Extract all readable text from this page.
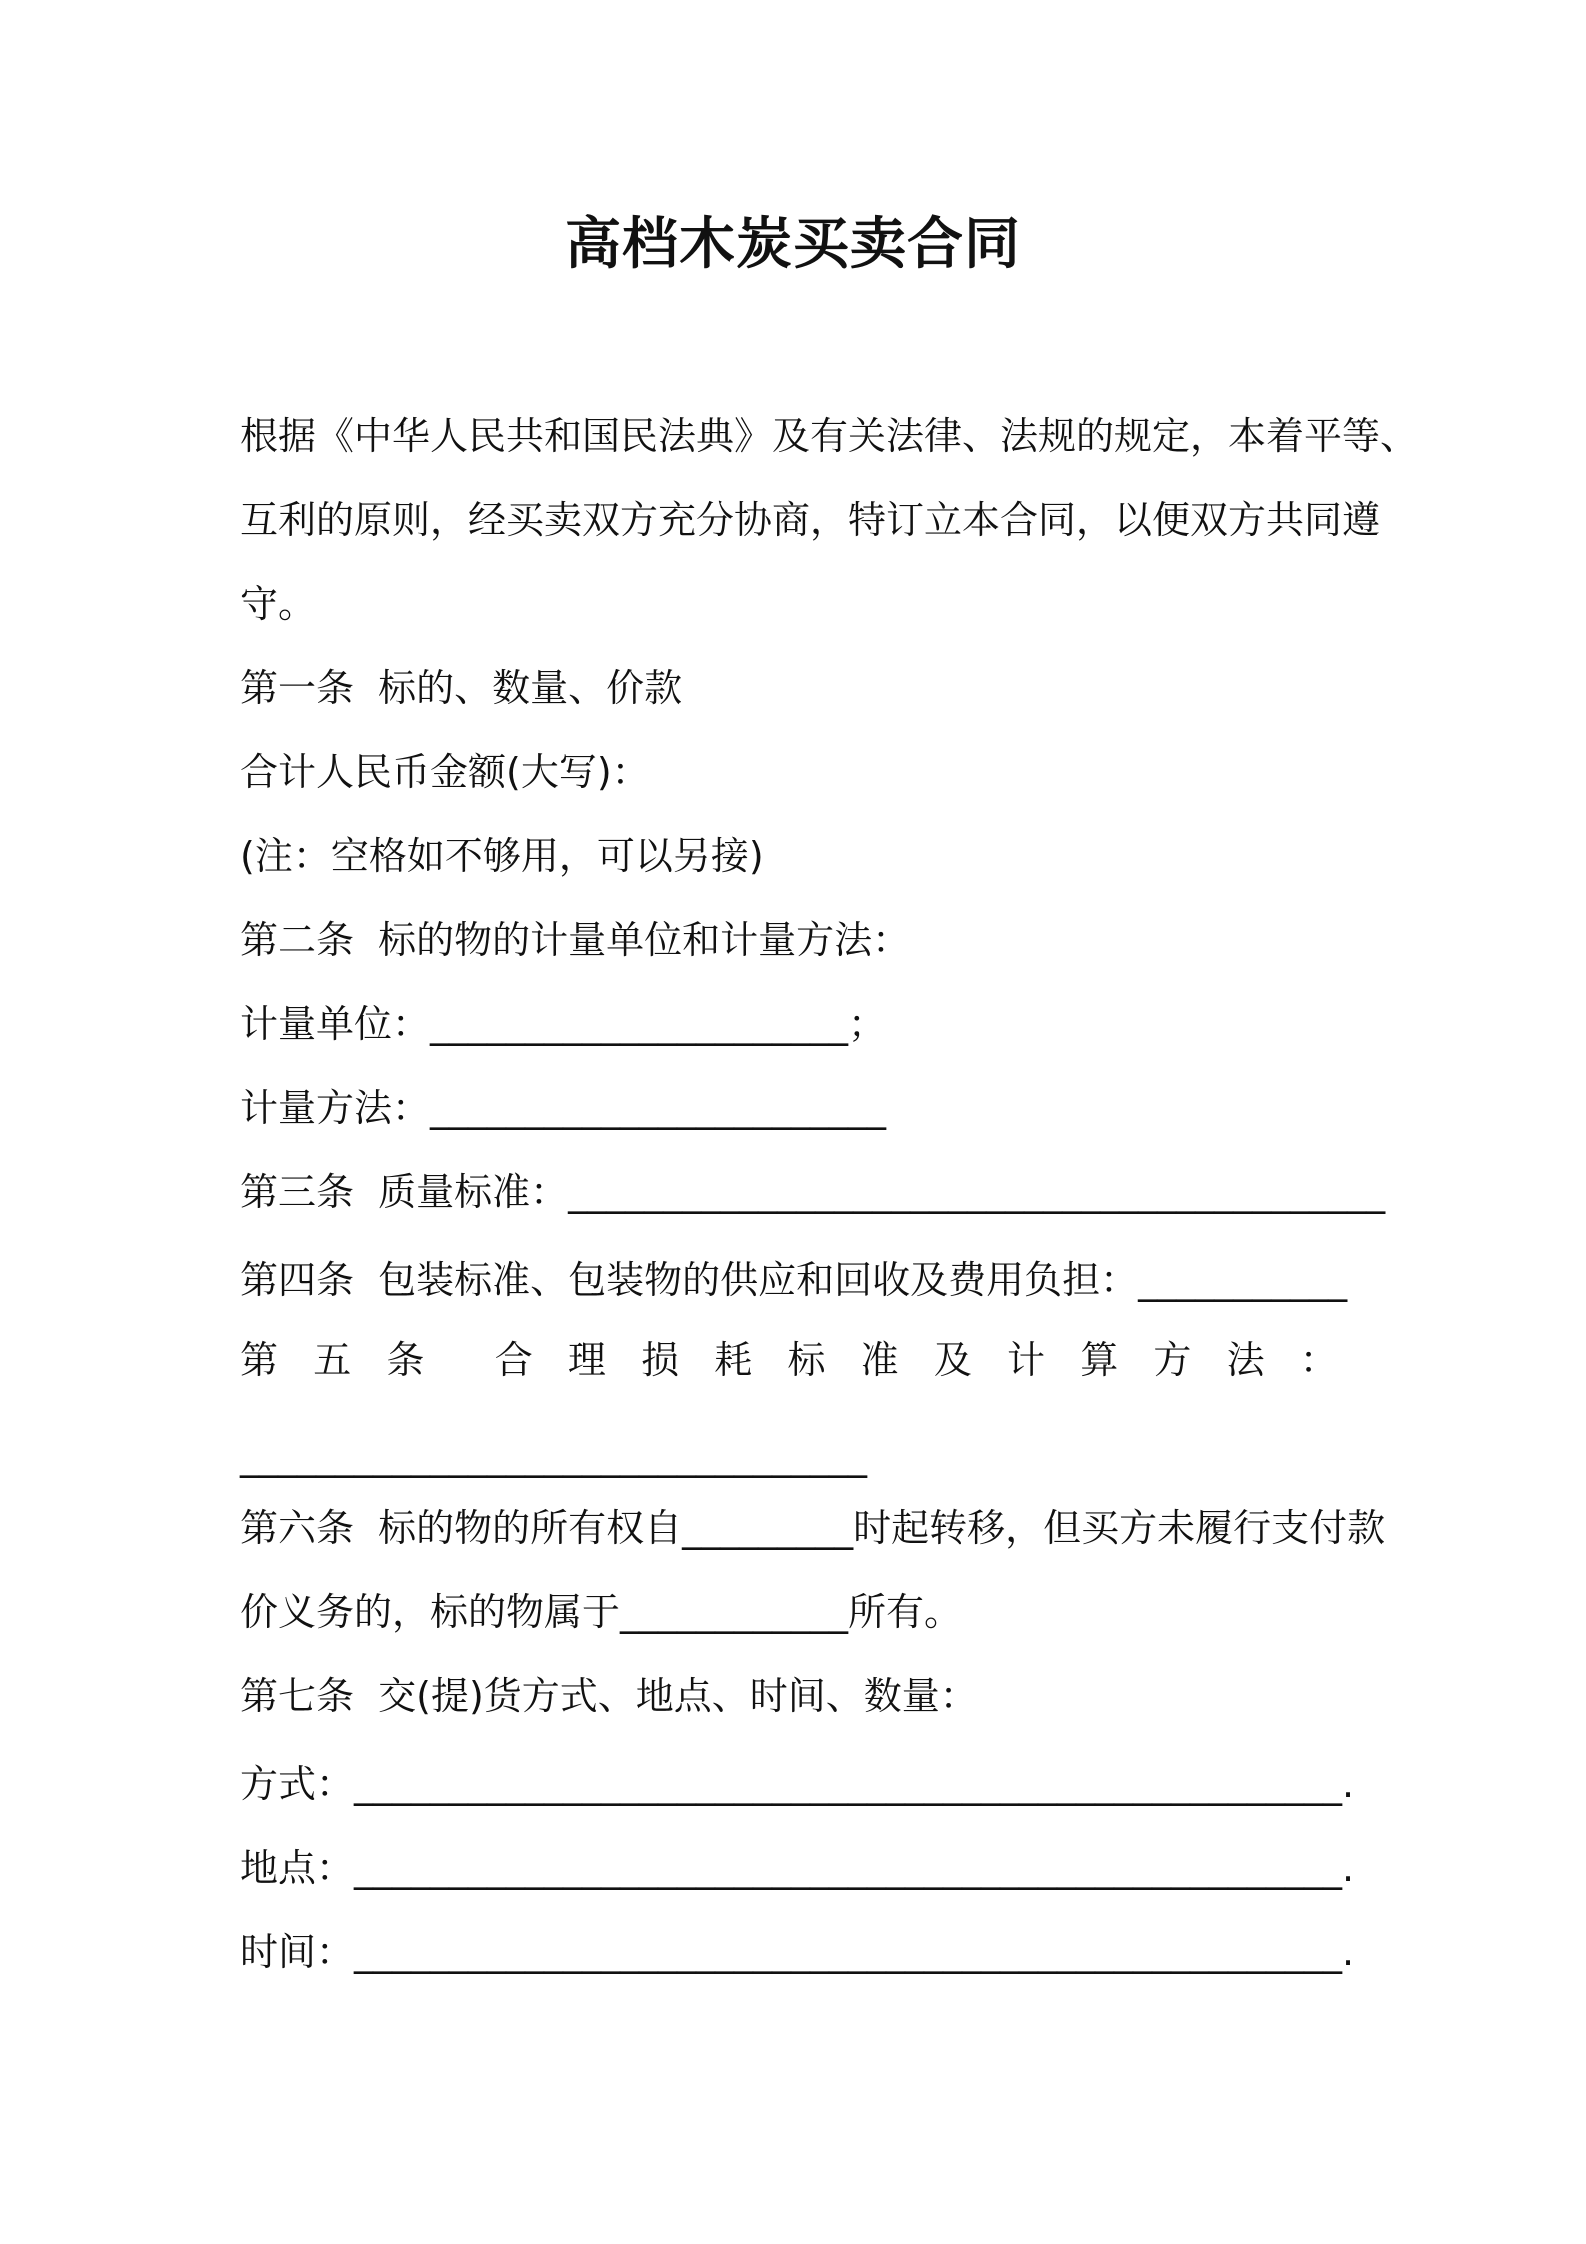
高档木炭买卖合同
根据《中华人民共和国民法典》及有关法律、法规的规定，本着平等、
互利的原则，经买卖双方充分协商，特订立本合同，以便双方共同遵
守。
第一条  标的、数量、价款
合计人民币金额(大写)：
(注：空格如不够用，可以另接)
第二条  标的物的计量单位和计量方法：
计量单位：______________________；
计量方法：________________________
第三条  质量标准：___________________________________________
第四条  包装标准、包装物的供应和回收及费用负担：___________
第 五 条 合 理 损 耗 标 准 及 计 算 方 法 ：
_________________________________
第六条  标的物的所有权自_________时起转移，但买方未履行支付款
价义务的，标的物属于____________所有。
第七条  交(提)货方式、地点、时间、数量：
方式：____________________________________________________.
地点：____________________________________________________.
时间：____________________________________________________.
